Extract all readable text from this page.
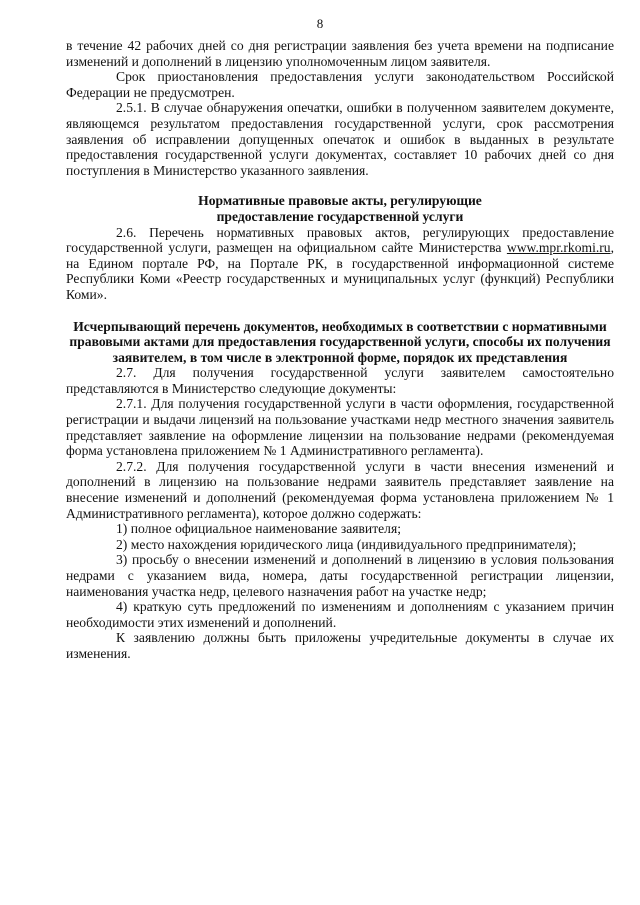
8

в течение 42 рабочих дней со дня регистрации заявления без учета времени на подписание изменений и дополнений в лицензию уполномоченным лицом заявителя.

Срок приостановления предоставления услуги законодательством Российской Федерации не предусмотрен.

2.5.1. В случае обнаружения опечатки, ошибки в полученном заявителем документе, являющемся результатом предоставления государственной услуги, срок рассмотрения заявления об исправлении допущенных опечаток и ошибок в выданных в результате предоставления государственной услуги документах, составляет 10 рабочих дней со дня поступления в Министерство указанного заявления.

Нормативные правовые акты, регулирующие
предоставление государственной услуги

2.6. Перечень нормативных правовых актов, регулирующих предоставление государственной услуги, размещен на официальном сайте Министерства www.mpr.rkomi.ru, на Едином портале РФ, на Портале РК, в государственной информационной системе Республики Коми «Реестр государственных и муниципальных услуг (функций) Республики Коми».

Исчерпывающий перечень документов, необходимых в соответствии с нормативными правовыми актами для предоставления государственной услуги, способы их получения заявителем, в том числе в электронной форме, порядок их представления

2.7. Для получения государственной услуги заявителем самостоятельно представляются в Министерство следующие документы:

2.7.1. Для получения государственной услуги в части оформления, государственной регистрации и выдачи лицензий на пользование участками недр местного значения заявитель представляет заявление на оформление лицензии на пользование недрами (рекомендуемая форма установлена приложением № 1 Административного регламента).

2.7.2. Для получения государственной услуги в части внесения изменений и дополнений в лицензию на пользование недрами заявитель представляет заявление на внесение изменений и дополнений (рекомендуемая форма установлена приложением № 1 Административного регламента), которое должно содержать:

1) полное официальное наименование заявителя;

2) место нахождения юридического лица (индивидуального предпринимателя);

3) просьбу о внесении изменений и дополнений в лицензию в условия пользования недрами с указанием вида, номера, даты государственной регистрации лицензии, наименования участка недр, целевого назначения работ на участке недр;

4) краткую суть предложений по изменениям и дополнениям с указанием причин необходимости этих изменений и дополнений.

К заявлению должны быть приложены учредительные документы в случае их изменения.
